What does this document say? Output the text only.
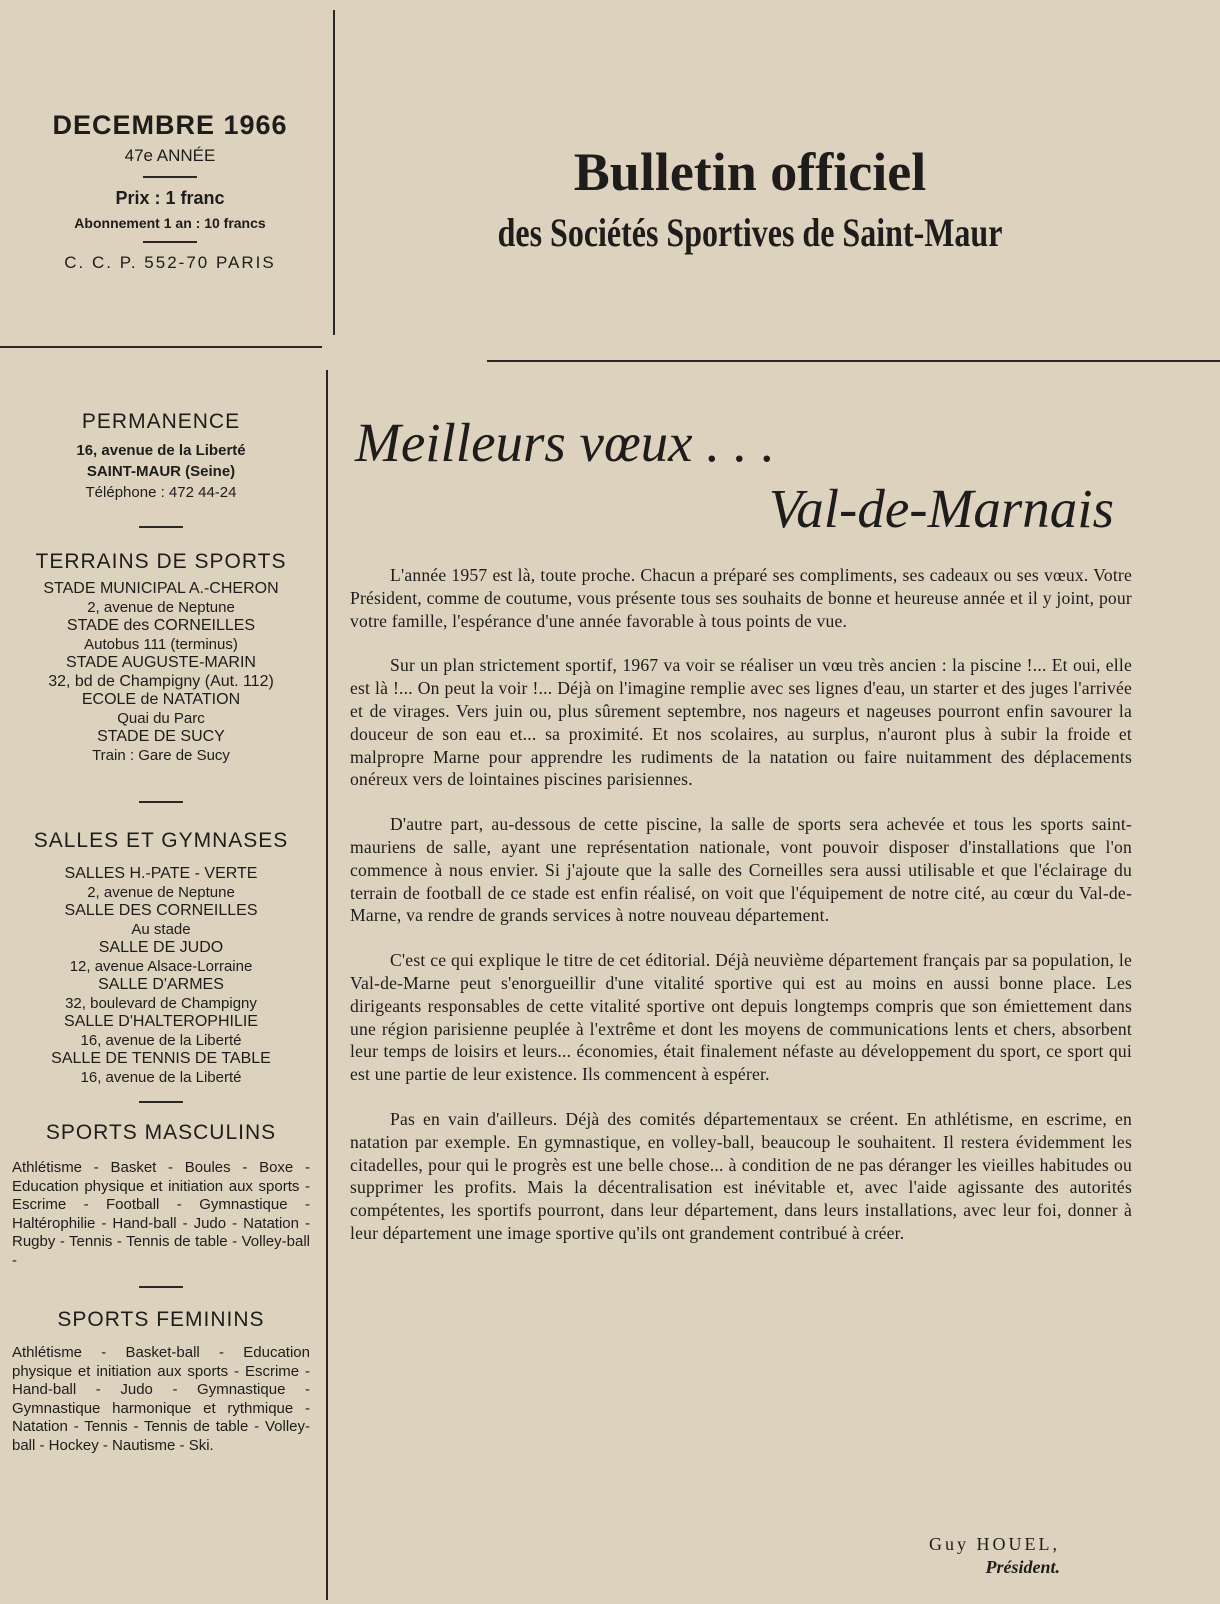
DECEMBRE 1966

47e ANNÉE

Prix : 1 franc

Abonnement 1 an : 10 francs

C. C. P. 552-70 PARIS

Bulletin officiel

des Sociétés Sportives de Saint-Maur

PERMANENCE

16, avenue de la Liberté

SAINT-MAUR (Seine)

Téléphone : 472 44-24

TERRAINS DE SPORTS

STADE MUNICIPAL A.-CHERON

2, avenue de Neptune

STADE des CORNEILLES

Autobus 111 (terminus)

STADE AUGUSTE-MARIN

32, bd de Champigny (Aut. 112)

ECOLE de NATATION

Quai du Parc

STADE DE SUCY

Train : Gare de Sucy

SALLES ET GYMNASES

SALLES H.-PATE - VERTE

2, avenue de Neptune

SALLE DES CORNEILLES

Au stade

SALLE DE JUDO

12, avenue Alsace-Lorraine

SALLE D'ARMES

32, boulevard de Champigny

SALLE D'HALTEROPHILIE

16, avenue de la Liberté

SALLE DE TENNIS DE TABLE

16, avenue de la Liberté

SPORTS MASCULINS

Athlétisme - Basket - Boules - Boxe - Education physique et initiation aux sports - Escrime - Football - Gymnastique - Haltérophilie - Hand-ball - Judo - Natation - Rugby - Tennis - Tennis de table - Volley-ball -

SPORTS FEMININS

Athlétisme - Basket-ball - Education physique et initiation aux sports - Escrime - Hand-ball - Judo - Gymnastique - Gymnastique harmonique et rythmique - Natation - Tennis - Tennis de table - Volley-ball - Hockey - Nautisme - Ski.

Meilleurs vœux . . .

Val-de-Marnais

L'année 1957 est là, toute proche. Chacun a préparé ses compliments, ses cadeaux ou ses vœux. Votre Président, comme de coutume, vous présente tous ses souhaits de bonne et heureuse année et il y joint, pour votre famille, l'espérance d'une année favorable à tous points de vue.

Sur un plan strictement sportif, 1967 va voir se réaliser un vœu très ancien : la piscine !... Et oui, elle est là !... On peut la voir !... Déjà on l'imagine remplie avec ses lignes d'eau, un starter et des juges l'arrivée et de virages. Vers juin ou, plus sûrement septembre, nos nageurs et nageuses pourront enfin savourer la douceur de son eau et... sa proximité. Et nos scolaires, au surplus, n'auront plus à subir la froide et malpropre Marne pour apprendre les rudiments de la natation ou faire nuitamment des déplacements onéreux vers de lointaines piscines parisiennes.

D'autre part, au-dessous de cette piscine, la salle de sports sera achevée et tous les sports saint-mauriens de salle, ayant une représentation nationale, vont pouvoir disposer d'installations que l'on commence à nous envier. Si j'ajoute que la salle des Corneilles sera aussi utilisable et que l'éclairage du terrain de football de ce stade est enfin réalisé, on voit que l'équipement de notre cité, au cœur du Val-de-Marne, va rendre de grands services à notre nouveau département.

C'est ce qui explique le titre de cet éditorial. Déjà neuvième département français par sa population, le Val-de-Marne peut s'enorgueillir d'une vitalité sportive qui est au moins en aussi bonne place. Les dirigeants responsables de cette vitalité sportive ont depuis longtemps compris que son émiettement dans une région parisienne peuplée à l'extrême et dont les moyens de communications lents et chers, absorbent leur temps de loisirs et leurs... économies, était finalement néfaste au développement du sport, ce sport qui est une partie de leur existence. Ils commencent à espérer.

Pas en vain d'ailleurs. Déjà des comités départementaux se créent. En athlétisme, en escrime, en natation par exemple. En gymnastique, en volley-ball, beaucoup le souhaitent. Il restera évidemment les citadelles, pour qui le progrès est une belle chose... à condition de ne pas déranger les vieilles habitudes ou supprimer les profits. Mais la décentralisation est inévitable et, avec l'aide agissante des autorités compétentes, les sportifs pourront, dans leur département, dans leurs installations, avec leur foi, donner à leur département une image sportive qu'ils ont grandement contribué à créer.

Guy HOUEL,

Président.
